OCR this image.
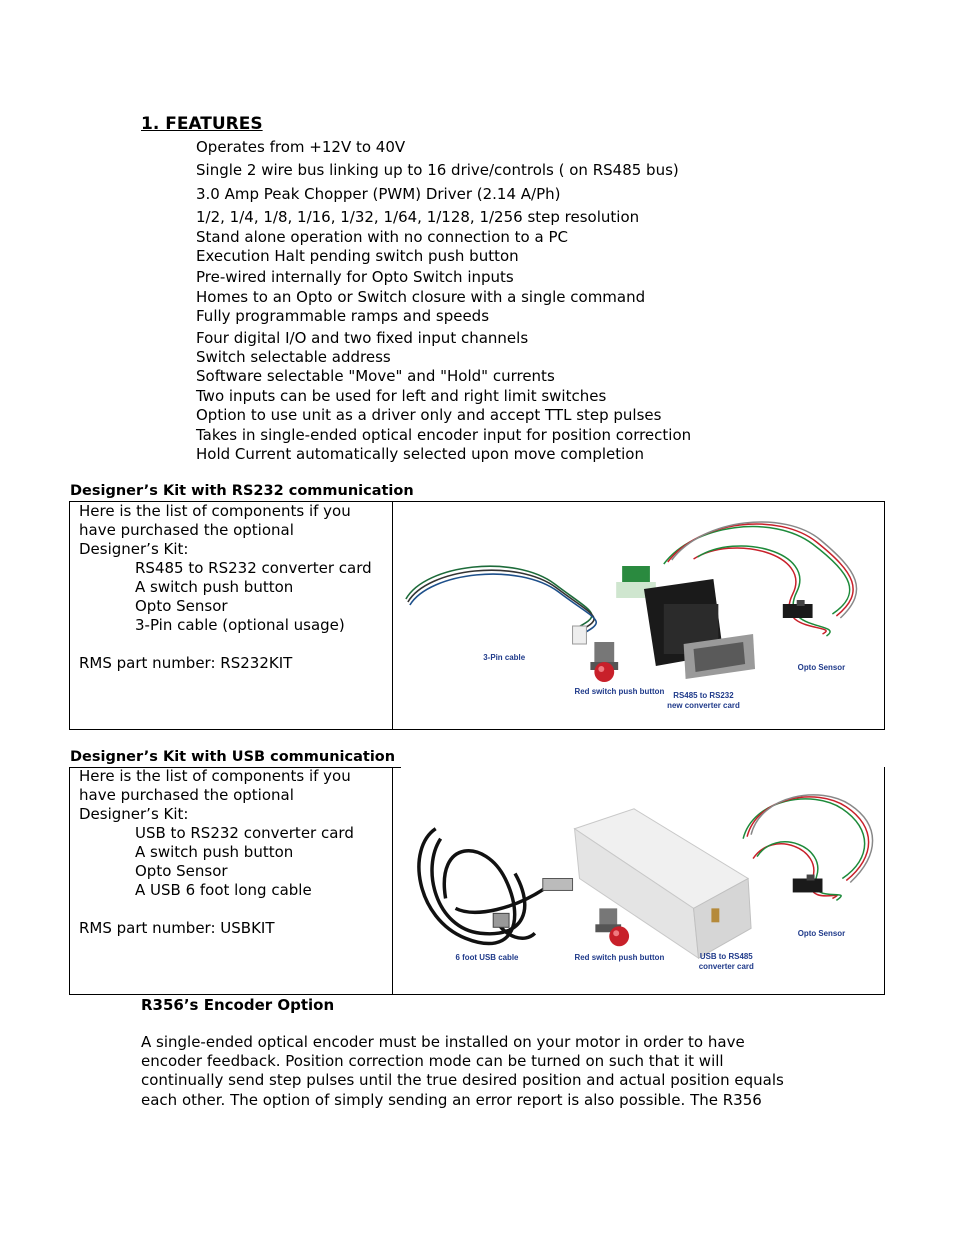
1. FEATURES
Operates from +12V to 40V
Single 2 wire bus linking up to 16 drive/controls ( on RS485 bus)
3.0 Amp Peak Chopper (PWM) Driver (2.14 A/Ph)
1/2, 1/4, 1/8, 1/16, 1/32, 1/64, 1/128, 1/256 step resolution
Stand alone operation with no connection to a PC
Execution Halt pending switch push button
Pre-wired internally for Opto Switch inputs
Homes to an Opto or Switch closure with a single command
Fully programmable ramps and speeds
Four digital I/O and two fixed input channels
Switch selectable address
Software selectable "Move" and "Hold" currents
Two inputs can be used for left and right limit switches
Option to use unit as a driver only and accept TTL step pulses
Takes in single-ended optical encoder input for position correction
Hold Current automatically selected upon move completion
Designer’s Kit with RS232 communication
Here is the list of components if you
have purchased the optional
Designer’s Kit:
RS485 to RS232 converter card
A switch push button
Opto Sensor
3-Pin cable (optional usage)
RMS part number: RS232KIT	3-Pin cable
Red switch push button RS485 to RS232
new converter card
Opto Sensor
Designer’s Kit with USB communication
Here is the list of components if you
have purchased the optional
Designer’s Kit:
USB to RS232 converter card
A switch push button
Opto Sensor
A USB 6 foot long cable
RMS part number: USBKIT
6 foot USB cable	Red switch push button	USB to RS485
converter card
Opto Sensor
R356’s Encoder Option
A single-ended optical encoder must be installed on your motor in order to have
encoder feedback. Position correction mode can be turned on such that it will
continually send step pulses until the true desired position and actual position equals
each other. The option of simply sending an error report is also possible. The R356
